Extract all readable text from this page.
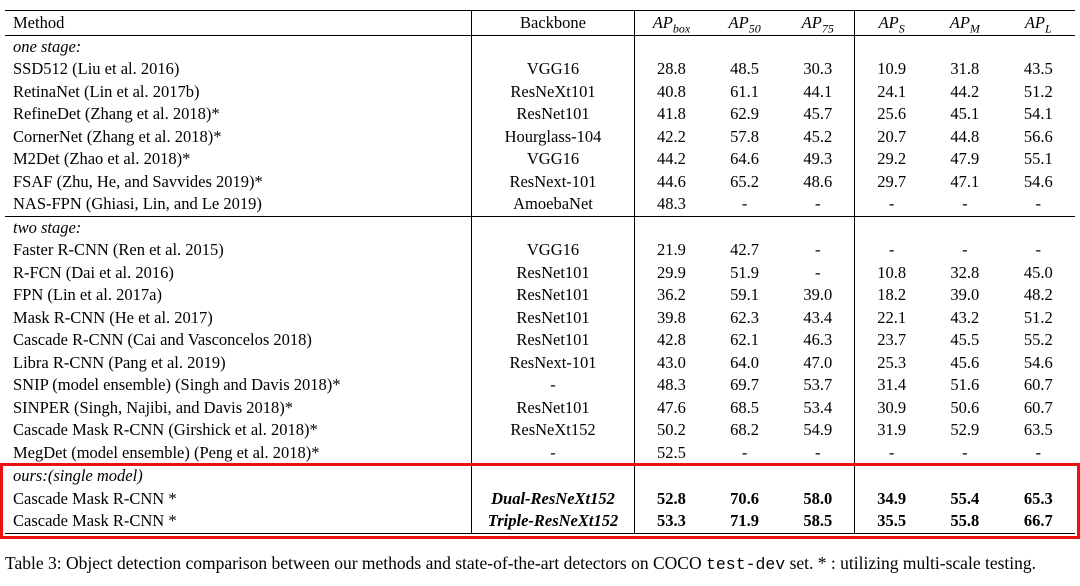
Method	Backbone	$AP_{box}$	$AP_{50}$	$AP_{75}$	$AP_S$	$AP_M$	$AP_L$
one stage:							
SSD512 (Liu et al. 2016)	VGG16	28.8	48.5	30.3	10.9	31.8	43.5
RetinaNet (Lin et al. 2017b)	ResNeXt101	40.8	61.1	44.1	24.1	44.2	51.2
RefineDet (Zhang et al. 2018)*	ResNet101	41.8	62.9	45.7	25.6	45.1	54.1
CornerNet (Zhang et al. 2018)*	Hourglass-104	42.2	57.8	45.2	20.7	44.8	56.6
M2Det (Zhao et al. 2018)*	VGG16	44.2	64.6	49.3	29.2	47.9	55.1
FSAF (Zhu, He, and Savvides 2019)*	ResNext-101	44.6	65.2	48.6	29.7	47.1	54.6
NAS-FPN (Ghiasi, Lin, and Le 2019)	AmoebaNet	48.3	-	-	-	-	-
two stage:							
Faster R-CNN (Ren et al. 2015)	VGG16	21.9	42.7	-	-	-	-
R-FCN (Dai et al. 2016)	ResNet101	29.9	51.9	-	10.8	32.8	45.0
FPN (Lin et al. 2017a)	ResNet101	36.2	59.1	39.0	18.2	39.0	48.2
Mask R-CNN (He et al. 2017)	ResNet101	39.8	62.3	43.4	22.1	43.2	51.2
Cascade R-CNN (Cai and Vasconcelos 2018)	ResNet101	42.8	62.1	46.3	23.7	45.5	55.2
Libra R-CNN (Pang et al. 2019)	ResNext-101	43.0	64.0	47.0	25.3	45.6	54.6
SNIP (model ensemble) (Singh and Davis 2018)*	-	48.3	69.7	53.7	31.4	51.6	60.7
SINPER (Singh, Najibi, and Davis 2018)*	ResNet101	47.6	68.5	53.4	30.9	50.6	60.7
Cascade Mask R-CNN (Girshick et al. 2018)*	ResNeXt152	50.2	68.2	54.9	31.9	52.9	63.5
MegDet (model ensemble) (Peng et al. 2018)*	-	52.5	-	-	-	-	-
ours:(single model)							
Cascade Mask R-CNN *	Dual-ResNeXt152	52.8	70.6	58.0	34.9	55.4	65.3
Cascade Mask R-CNN *	Triple-ResNeXt152	53.3	71.9	58.5	35.5	55.8	66.7

Table 3: Object detection comparison between our methods and state-of-the-art detectors on COCO test-dev set. * : utilizing multi-scale testing.
